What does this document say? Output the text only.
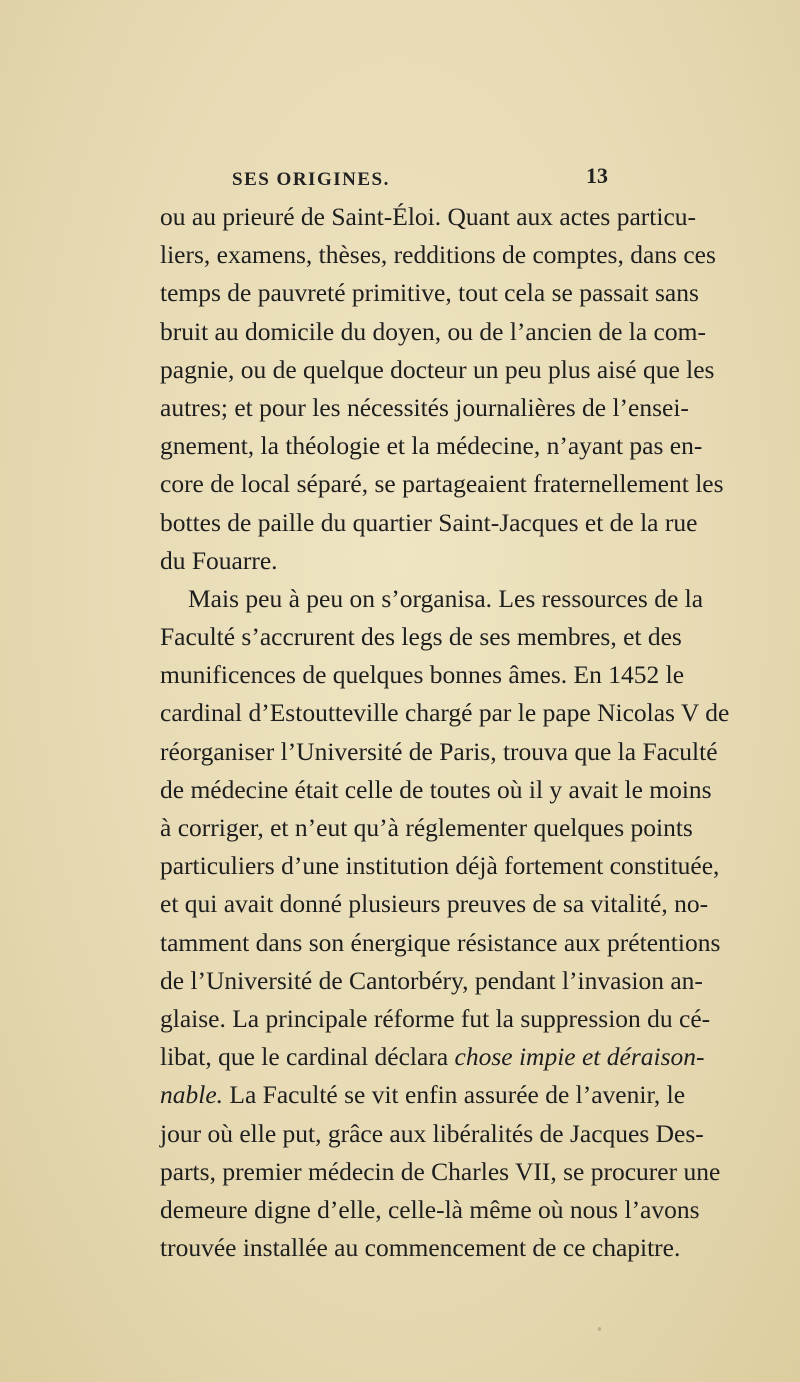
SES ORIGINES.	13
ou au prieuré de Saint-Éloi. Quant aux actes particu-
liers, examens, thèses, redditions de comptes, dans ces
temps de pauvreté primitive, tout cela se passait sans
bruit au domicile du doyen, ou de l’ancien de la com-
pagnie, ou de quelque docteur un peu plus aisé que les
autres; et pour les nécessités journalières de l’ensei-
gnement, la théologie et la médecine, n’ayant pas en-
core de local séparé, se partageaient fraternellement les
bottes de paille du quartier Saint-Jacques et de la rue
du Fouarre.
Mais peu à peu on s’organisa. Les ressources de la
Faculté s’accrurent des legs de ses membres, et des
munificences de quelques bonnes âmes. En 1452 le
cardinal d’Estoutteville chargé par le pape Nicolas V de
réorganiser l’Université de Paris, trouva que la Faculté
de médecine était celle de toutes où il y avait le moins
à corriger, et n’eut qu’à réglementer quelques points
particuliers d’une institution déjà fortement constituée,
et qui avait donné plusieurs preuves de sa vitalité, no-
tamment dans son énergique résistance aux prétentions
de l’Université de Cantorbéry, pendant l’invasion an-
glaise. La principale réforme fut la suppression du cé-
libat, que le cardinal déclara chose impie et déraison-
nable. La Faculté se vit enfin assurée de l’avenir, le
jour où elle put, grâce aux libéralités de Jacques Des-
parts, premier médecin de Charles VII, se procurer une
demeure digne d’elle, celle-là même où nous l’avons
trouvée installée au commencement de ce chapitre.
